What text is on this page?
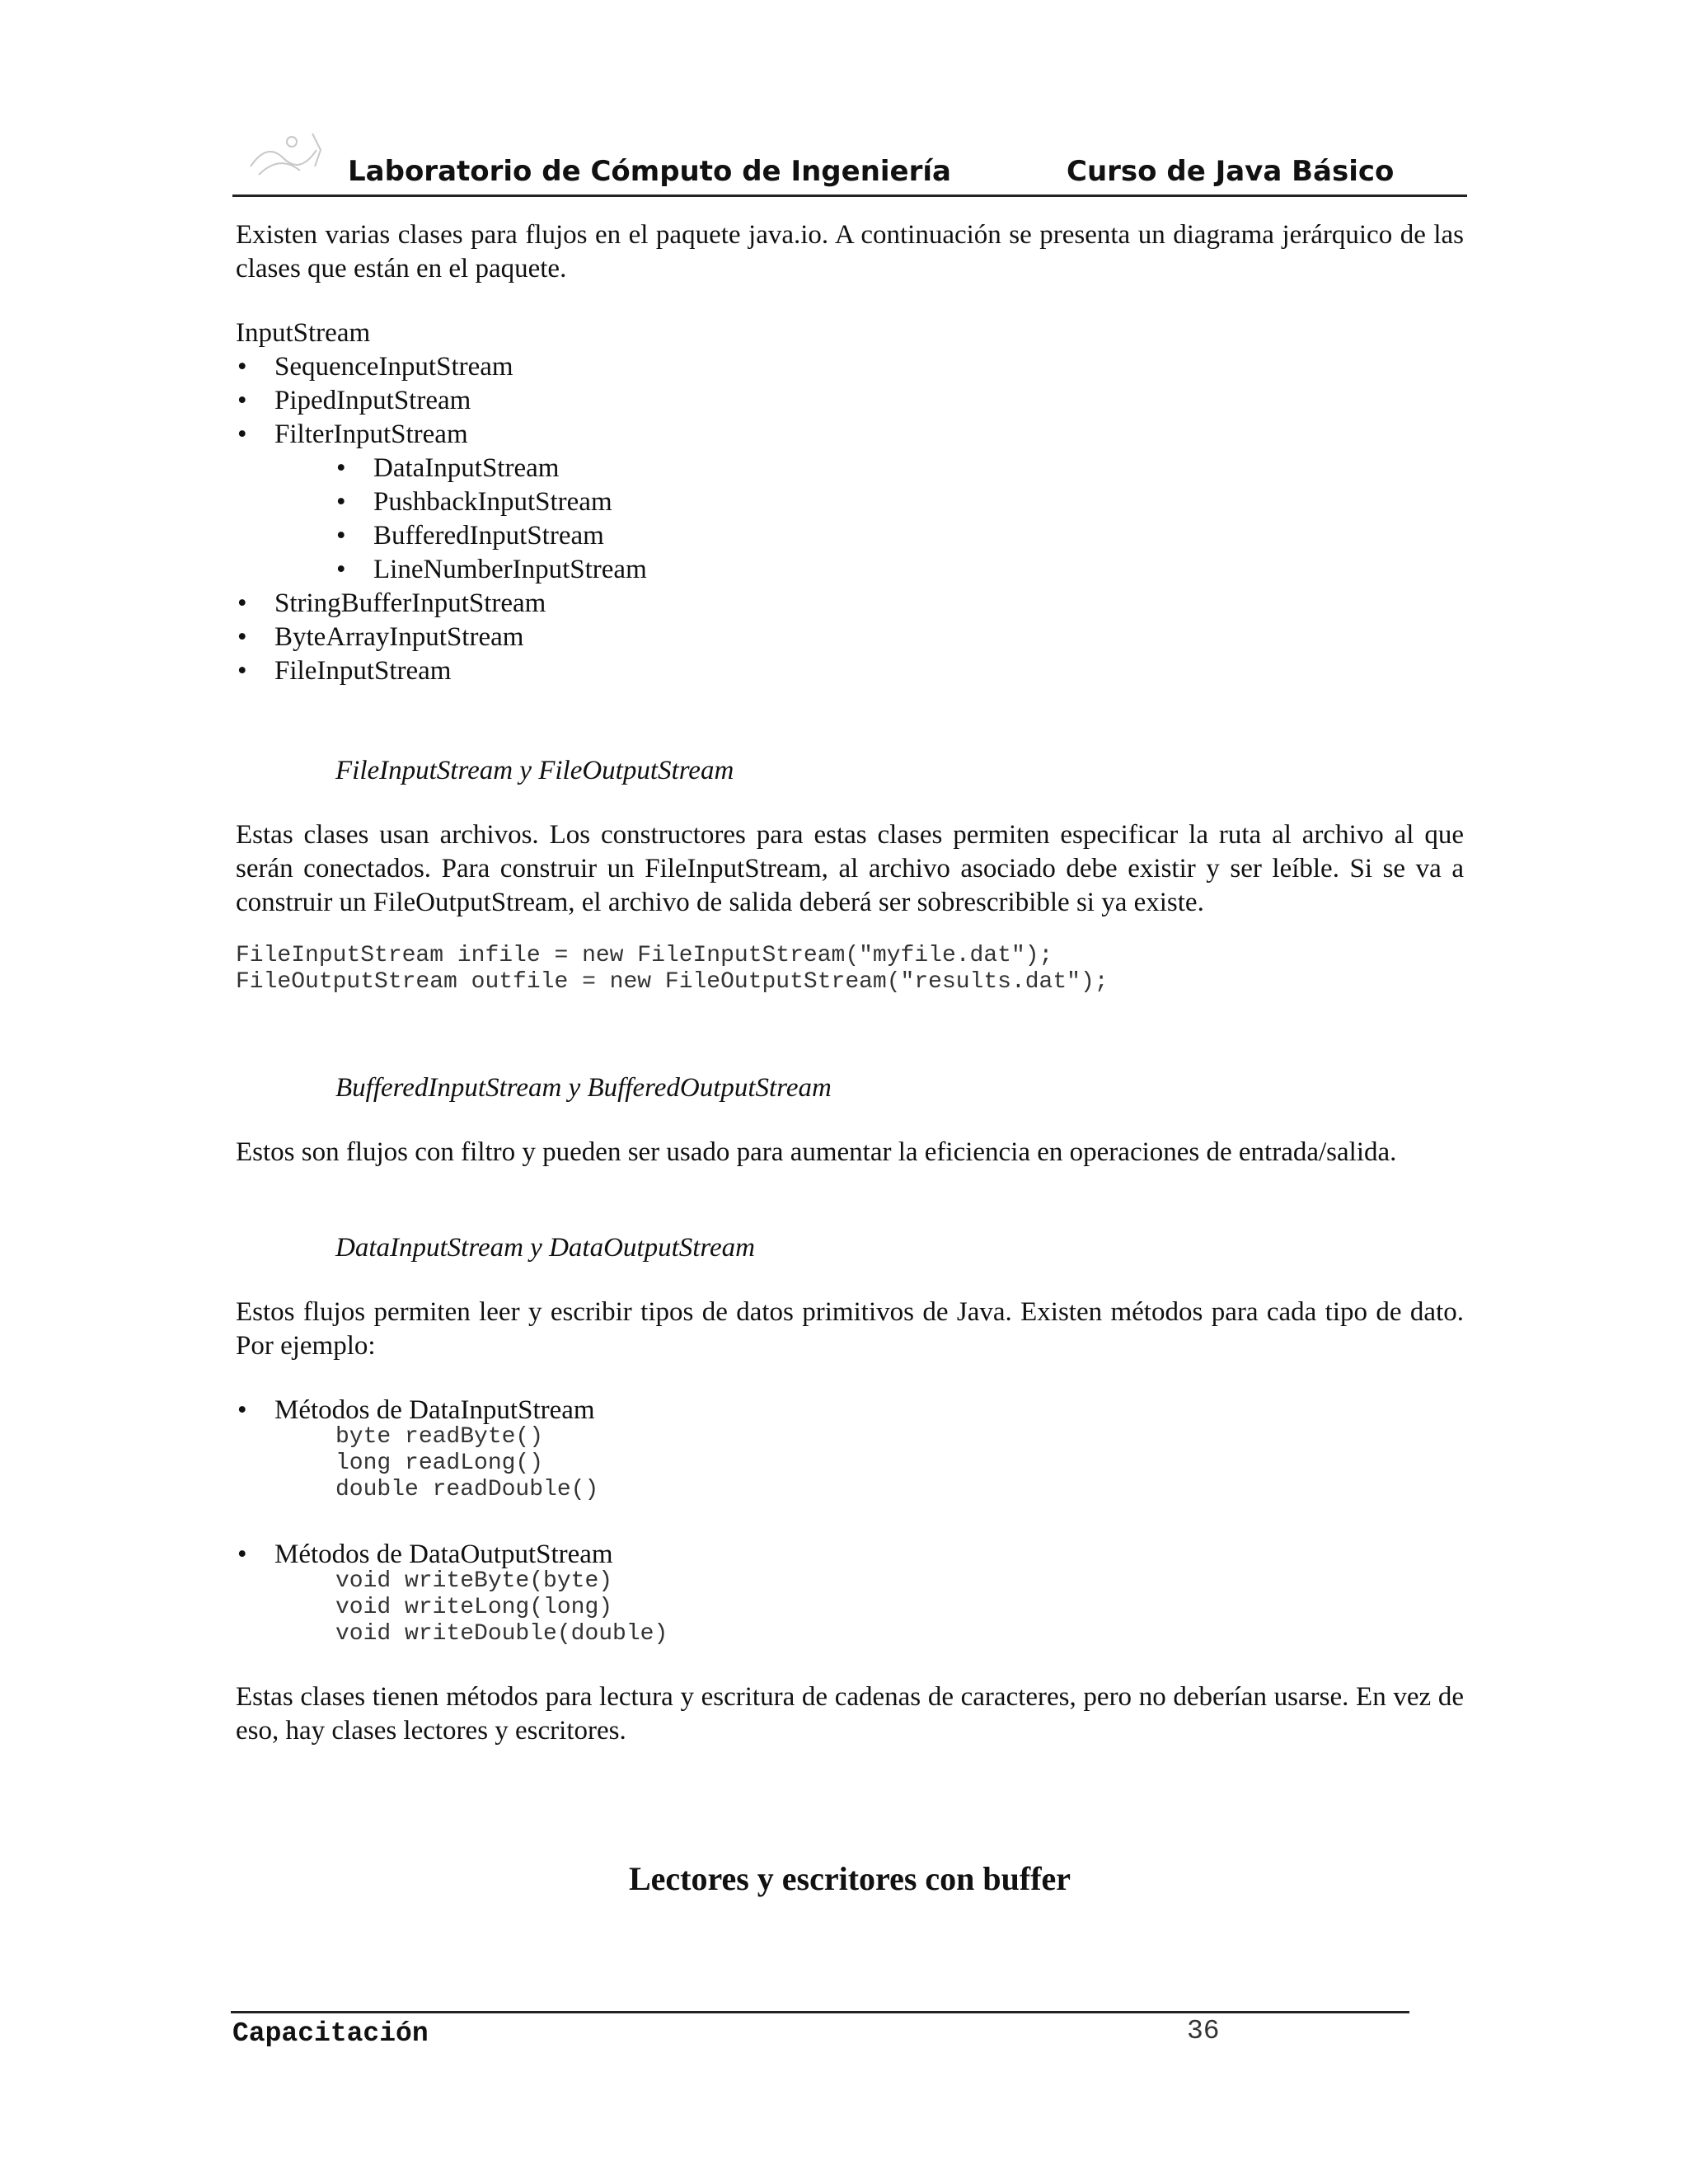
Laboratorio de Cómputo de Ingeniería	Curso de Java Básico

Existen varias clases para flujos en el paquete java.io. A continuación se presenta un diagrama jerárquico de las clases que están en el paquete.

InputStream
• SequenceInputStream
• PipedInputStream
• FilterInputStream
• DataInputStream
• PushbackInputStream
• BufferedInputStream
• LineNumberInputStream
• StringBufferInputStream
• ByteArrayInputStream
• FileInputStream
FileInputStream y FileOutputStream

Estas clases usan archivos. Los constructores para estas clases permiten especificar la ruta al archivo al que serán conectados. Para construir un FileInputStream, al archivo asociado debe existir y ser leíble. Si se va a construir un FileOutputStream, el archivo de salida deberá ser sobrescribible si ya existe.

FileInputStream infile = new FileInputStream("myfile.dat");
FileOutputStream outfile = new FileOutputStream("results.dat");
BufferedInputStream y BufferedOutputStream

Estos son flujos con filtro y pueden ser usado para aumentar la eficiencia en operaciones de entrada/salida.

DataInputStream y DataOutputStream

Estos flujos permiten leer y escribir tipos de datos primitivos de Java. Existen métodos para cada tipo de dato. Por ejemplo:

• Métodos de DataInputStream
byte readByte()
long readLong()
double readDouble()
• Métodos de DataOutputStream
void writeByte(byte)
void writeLong(long)
void writeDouble(double)

Estas clases tienen métodos para lectura y escritura de cadenas de caracteres, pero no deberían usarse. En vez de eso, hay clases lectores y escritores.

Lectores y escritores con buffer
Capacitación	36
